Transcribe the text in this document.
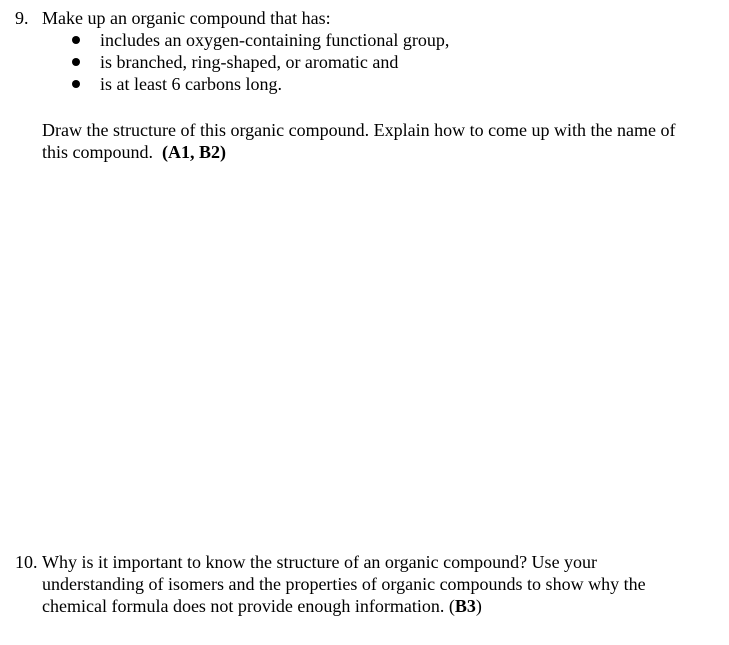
9. Make up an organic compound that has:
includes an oxygen-containing functional group,
is branched, ring-shaped, or aromatic and
is at least 6 carbons long.
Draw the structure of this organic compound. Explain how to come up with the name of
this compound. (A1, B2)
10. Why is it important to know the structure of an organic compound? Use your
understanding of isomers and the properties of organic compounds to show why the
chemical formula does not provide enough information. (B3)
